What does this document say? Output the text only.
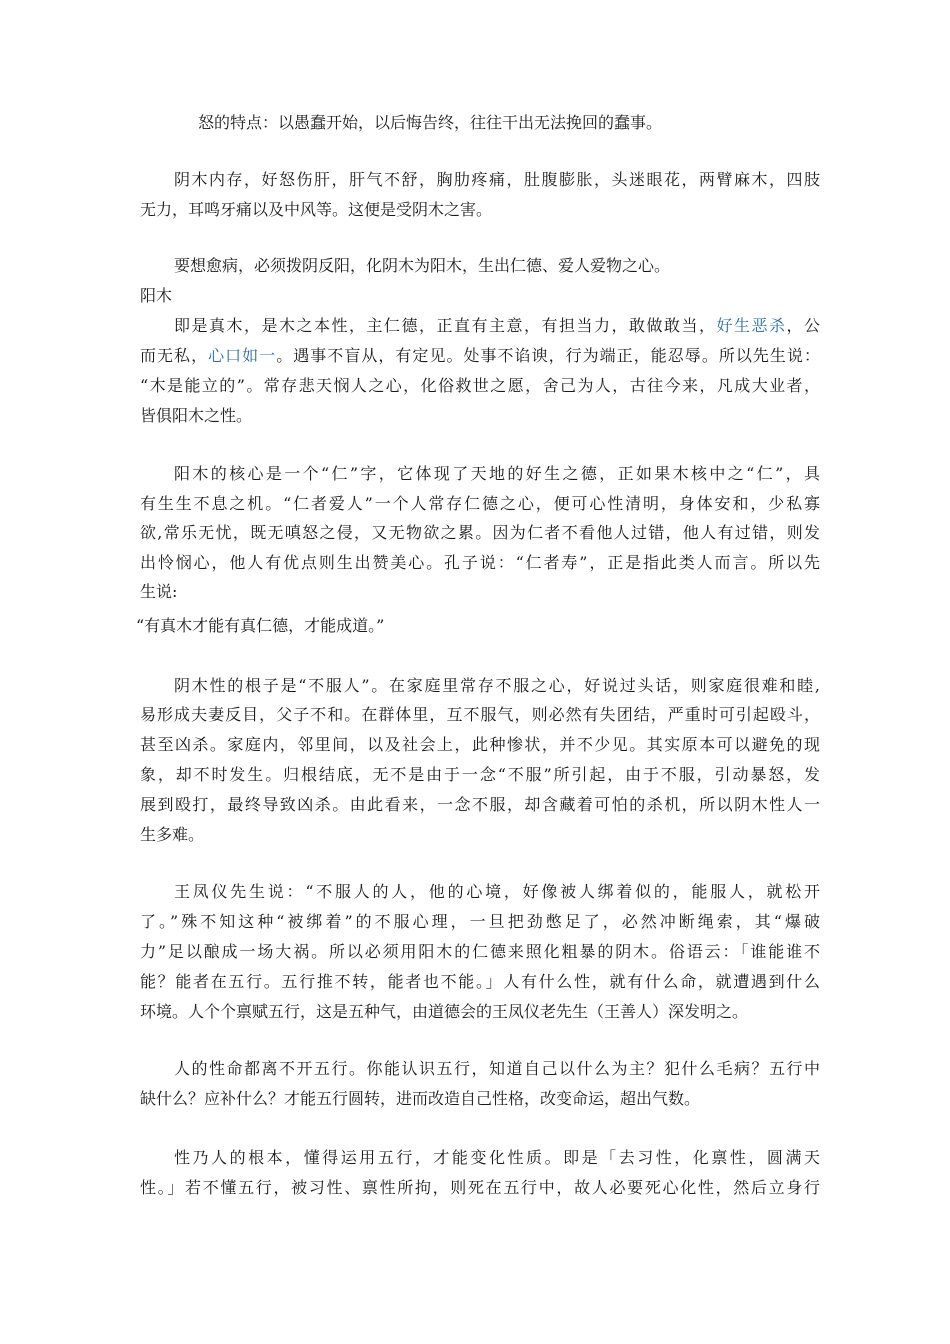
怒的特点：以愚蠢开始，以后悔告终，往往干出无法挽回的蠢事。
阴木内存，好怒伤肝，肝气不舒，胸肋疼痛，肚腹膨胀，头迷眼花，两臂麻木，四肢
无力，耳鸣牙痛以及中风等。这便是受阴木之害。
要想愈病，必须拨阴反阳，化阴木为阳木，生出仁德、爱人爱物之心。
阳木
即是真木，是木之本性，主仁德，正直有主意，有担当力，敢做敢当，好生恶杀，公
而无私，心口如一。遇事不盲从，有定见。处事不谄谀，行为端正，能忍辱。所以先生说：
“木是能立的”。常存悲天悯人之心，化俗救世之愿，舍己为人，古往今来，凡成大业者，
皆俱阳木之性。
阳木的核心是一个“仁”字，它体现了天地的好生之德，正如果木核中之“仁”，具
有生生不息之机。“仁者爱人”一个人常存仁德之心，便可心性清明，身体安和，少私寡
欲,常乐无忧，既无嗔怒之侵，又无物欲之累。因为仁者不看他人过错，他人有过错，则发
出怜悯心，他人有优点则生出赞美心。孔子说：“仁者寿”，正是指此类人而言。所以先
生说:
“有真木才能有真仁德，才能成道。”
阴木性的根子是“不服人”。在家庭里常存不服之心，好说过头话，则家庭很难和睦,
易形成夫妻反目，父子不和。在群体里，互不服气，则必然有失团结，严重时可引起殴斗，
甚至凶杀。家庭内，邻里间，以及社会上，此种惨状，并不少见。其实原本可以避免的现
象，却不时发生。归根结底，无不是由于一念“不服”所引起，由于不服，引动暴怒，发
展到殴打，最终导致凶杀。由此看来，一念不服，却含藏着可怕的杀机，所以阴木性人一
生多难。
王凤仪先生说：“不服人的人，他的心境，好像被人绑着似的，能服人，就松开
了。”殊不知这种“被绑着”的不服心理，一旦把劲憋足了，必然冲断绳索，其“爆破
力”足以酿成一场大祸。所以必须用阳木的仁德来照化粗暴的阴木。俗语云：「谁能谁不
能？能者在五行。五行推不转，能者也不能。」人有什么性，就有什么命，就遭遇到什么
环境。人个个禀赋五行，这是五种气，由道德会的王凤仪老先生（王善人）深发明之。
人的性命都离不开五行。你能认识五行，知道自己以什么为主？犯什么毛病？五行中
缺什么？应补什么？才能五行圆转，进而改造自己性格，改变命运，超出气数。
性乃人的根本，懂得运用五行，才能变化性质。即是「去习性，化禀性，圆满天
性。」若不懂五行，被习性、禀性所拘，则死在五行中，故人必要死心化性，然后立身行
